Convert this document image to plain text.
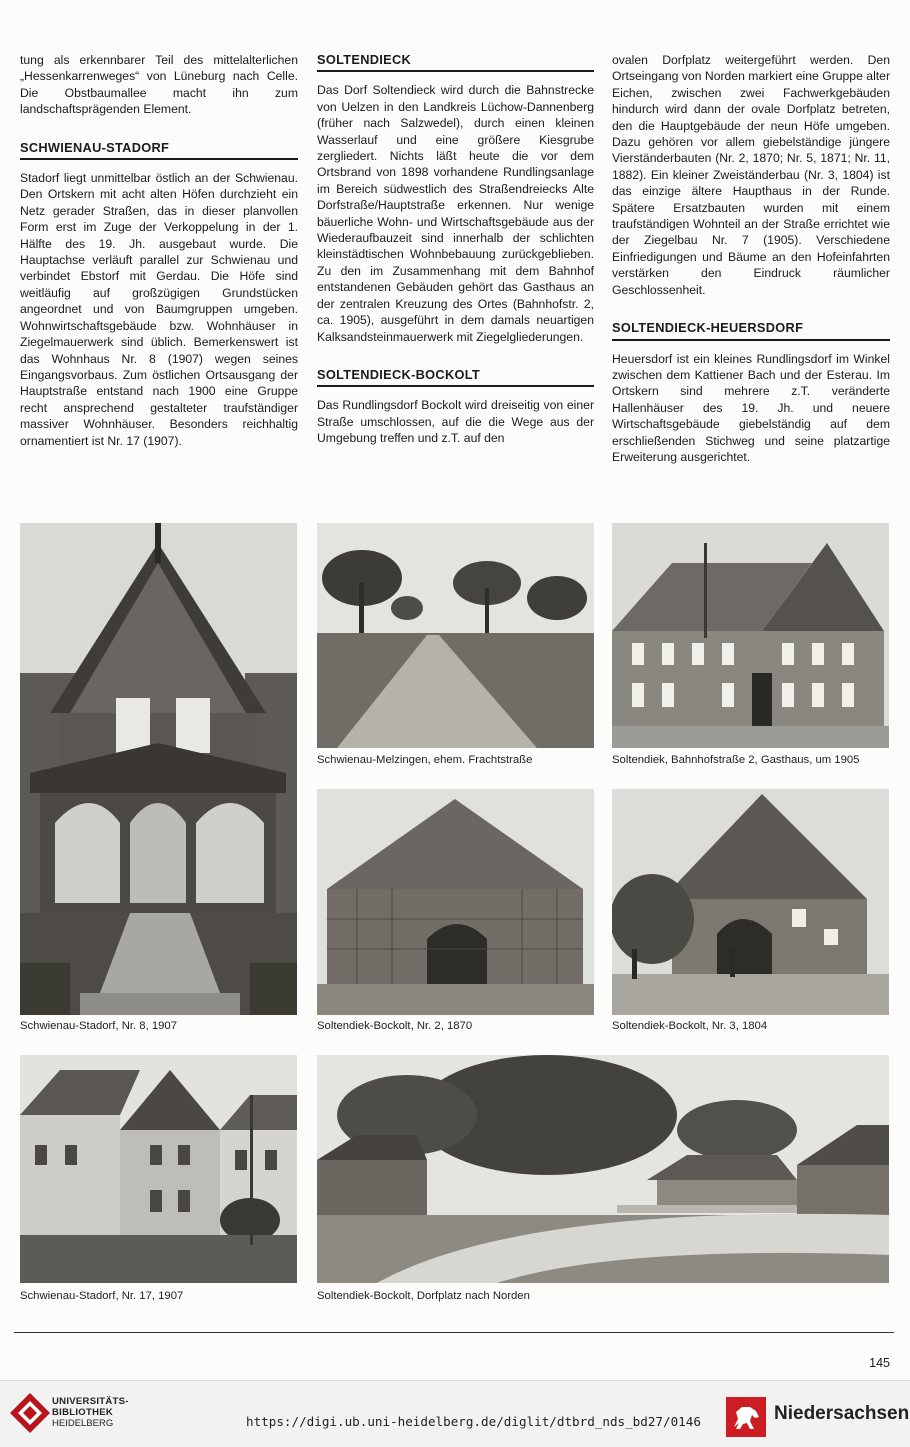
tung als erkennbarer Teil des mittelalterlichen „Hessenkarrenweges“ von Lüneburg nach Celle. Die Obstbaumallee macht ihn zum landschaftsprägenden Element.

SCHWIENAU-STADORF

Stadorf liegt unmittelbar östlich an der Schwienau. Den Ortskern mit acht alten Höfen durchzieht ein Netz gerader Straßen, das in dieser planvollen Form erst im Zuge der Verkoppelung in der 1. Hälfte des 19. Jh. ausgebaut wurde. Die Hauptachse verläuft parallel zur Schwienau und verbindet Ebstorf mit Gerdau. Die Höfe sind weitläufig auf großzügigen Grundstücken angeordnet und von Baumgruppen umgeben. Wohnwirtschaftsgebäude bzw. Wohnhäuser in Ziegelmauerwerk sind üblich. Bemerkenswert ist das Wohnhaus Nr. 8 (1907) wegen seines Eingangsvorbaus. Zum östlichen Ortsausgang der Hauptstraße entstand nach 1900 eine Gruppe recht ansprechend gestalteter traufständiger massiver Wohnhäuser. Besonders reichhaltig ornamentiert ist Nr. 17 (1907).

SOLTENDIECK

Das Dorf Soltendieck wird durch die Bahnstrecke von Uelzen in den Landkreis Lüchow-Dannenberg (früher nach Salzwedel), durch einen kleinen Wasserlauf und eine größere Kiesgrube zergliedert. Nichts läßt heute die vor dem Ortsbrand von 1898 vorhandene Rundlingsanlage im Bereich südwestlich des Straßendreiecks Alte Dorfstraße/Hauptstraße erkennen. Nur wenige bäuerliche Wohn- und Wirtschaftsgebäude aus der Wiederaufbauzeit sind innerhalb der schlichten kleinstädtischen Wohnbebauung zurückgeblieben. Zu den im Zusammenhang mit dem Bahnhof entstandenen Gebäuden gehört das Gasthaus an der zentralen Kreuzung des Ortes (Bahnhofstr. 2, ca. 1905), ausgeführt in dem damals neuartigen Kalksandsteinmauerwerk mit Ziegelgliederungen.

SOLTENDIECK-BOCKOLT

Das Rundlingsdorf Bockolt wird dreiseitig von einer Straße umschlossen, auf die die Wege aus der Umgebung treffen und z.T. auf den

ovalen Dorfplatz weitergeführt werden. Den Ortseingang von Norden markiert eine Gruppe alter Eichen, zwischen zwei Fachwerkgebäuden hindurch wird dann der ovale Dorfplatz betreten, den die Hauptgebäude der neun Höfe umgeben. Dazu gehören vor allem giebelständige jüngere Vierständerbauten (Nr. 2, 1870; Nr. 5, 1871; Nr. 11, 1882). Ein kleiner Zweiständerbau (Nr. 3, 1804) ist das einzige ältere Haupthaus in der Runde. Spätere Ersatzbauten wurden mit einem traufständigen Wohnteil an der Straße errichtet wie der Ziegelbau Nr. 7 (1905). Verschiedene Einfriedigungen und Bäume an den Hofeinfahrten verstärken den Eindruck räumlicher Geschlossenheit.

SOLTENDIECK-HEUERSDORF

Heuersdorf ist ein kleines Rundlingsdorf im Winkel zwischen dem Kattiener Bach und der Esterau. Im Ortskern sind mehrere z.T. veränderte Hallenhäuser des 19. Jh. und neuere Wirtschaftsgebäude giebelständig auf dem erschließenden Stichweg und seine platzartige Erweiterung ausgerichtet.

Schwienau-Melzingen, ehem. Frachtstraße	Soltendiek, Bahnhofstraße 2, Gasthaus, um 1905
Soltendiek-Bockolt, Nr. 2, 1870	Soltendiek-Bockolt, Nr. 3, 1804
Schwienau-Stadorf, Nr. 17, 1907	Soltendiek-Bockolt, Dorfplatz nach Norden
Schwienau-Stadorf, Nr. 8, 1907
145
UNIVERSITÄTS-
BIBLIOTHEK
HEIDELBERG	https://digi.ub.uni-heidelberg.de/diglit/dtbrd_nds_bd27/0146	Niedersachsen
